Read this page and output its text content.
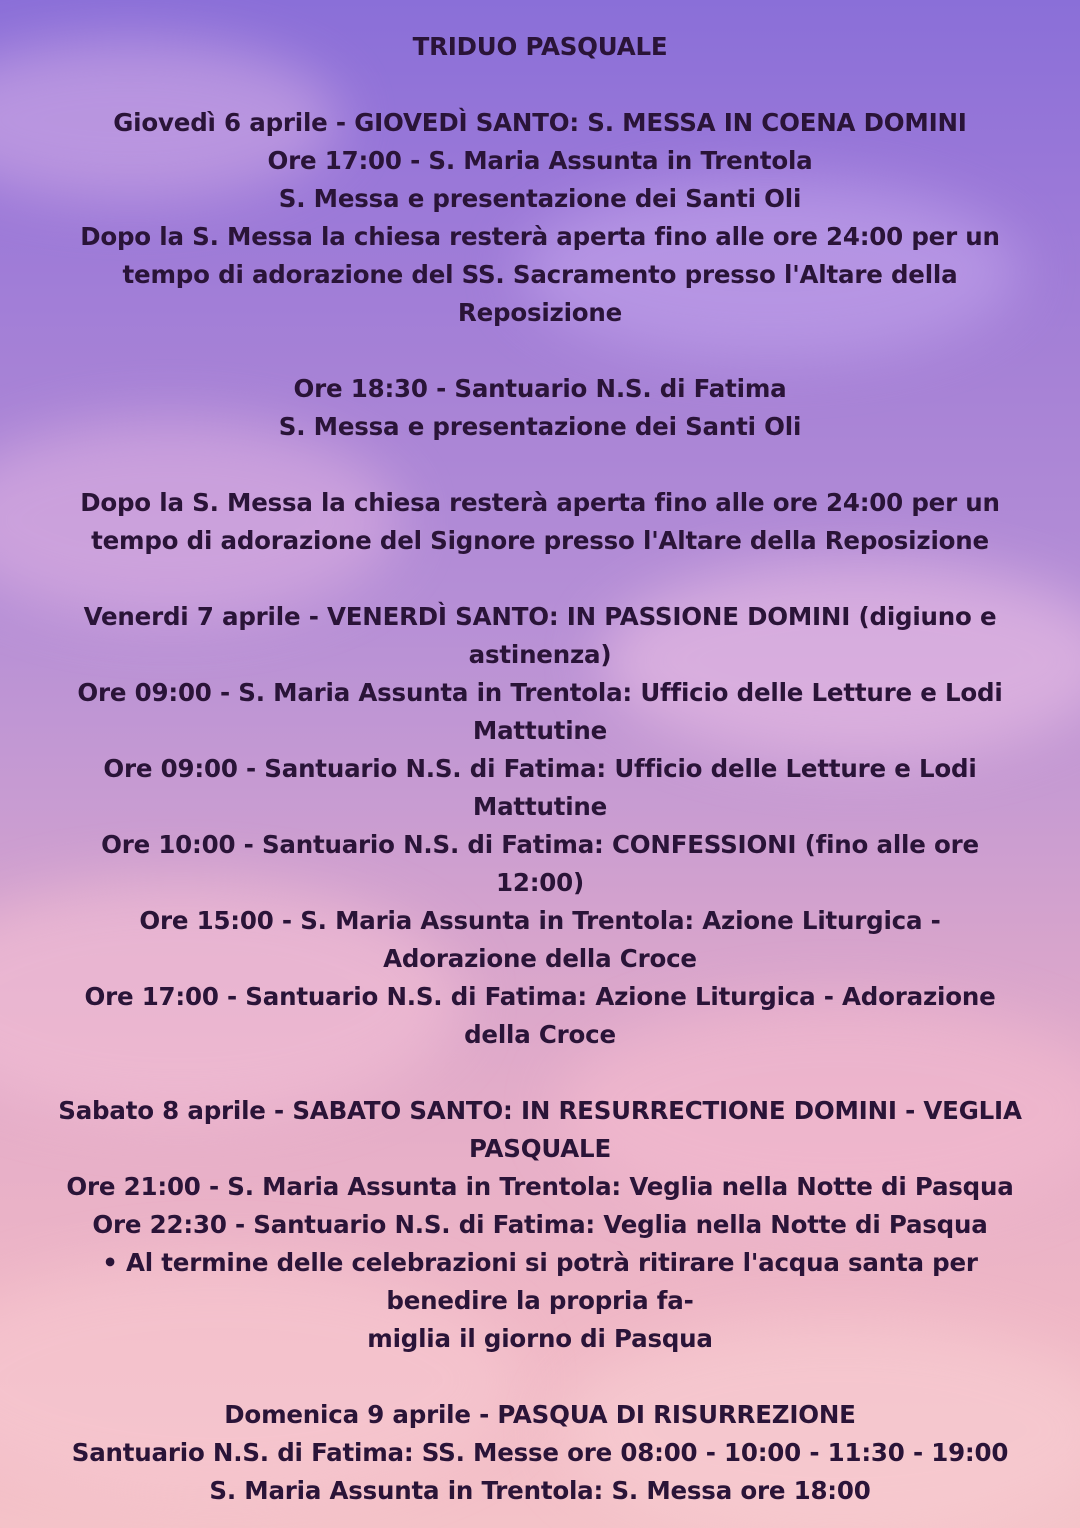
TRIDUO PASQUALE
Giovedì 6 aprile - GIOVEDÌ SANTO: S. MESSA IN COENA DOMINI
Ore 17:00 - S. Maria Assunta in Trentola
S. Messa e presentazione dei Santi Oli
Dopo la S. Messa la chiesa resterà aperta fino alle ore 24:00 per un
tempo di adorazione del SS. Sacramento presso l'Altare della
Reposizione
Ore 18:30 - Santuario N.S. di Fatima
S. Messa e presentazione dei Santi Oli
Dopo la S. Messa la chiesa resterà aperta fino alle ore 24:00 per un
tempo di adorazione del Signore presso l'Altare della Reposizione
Venerdi 7 aprile - VENERDÌ SANTO: IN PASSIONE DOMINI (digiuno e
astinenza)
Ore 09:00 - S. Maria Assunta in Trentola: Ufficio delle Letture e Lodi
Mattutine
Ore 09:00 - Santuario N.S. di Fatima: Ufficio delle Letture e Lodi
Mattutine
Ore 10:00 - Santuario N.S. di Fatima: CONFESSIONI (fino alle ore
12:00)
Ore 15:00 - S. Maria Assunta in Trentola: Azione Liturgica -
Adorazione della Croce
Ore 17:00 - Santuario N.S. di Fatima: Azione Liturgica - Adorazione
della Croce
Sabato 8 aprile - SABATO SANTO: IN RESURRECTIONE DOMINI - VEGLIA
PASQUALE
Ore 21:00 - S. Maria Assunta in Trentola: Veglia nella Notte di Pasqua
Ore 22:30 - Santuario N.S. di Fatima: Veglia nella Notte di Pasqua
• Al termine delle celebrazioni si potrà ritirare l'acqua santa per
benedire la propria fa-
miglia il giorno di Pasqua
Domenica 9 aprile - PASQUA DI RISURREZIONE
Santuario N.S. di Fatima: SS. Messe ore 08:00 - 10:00 - 11:30 - 19:00
S. Maria Assunta in Trentola: S. Messa ore 18:00
